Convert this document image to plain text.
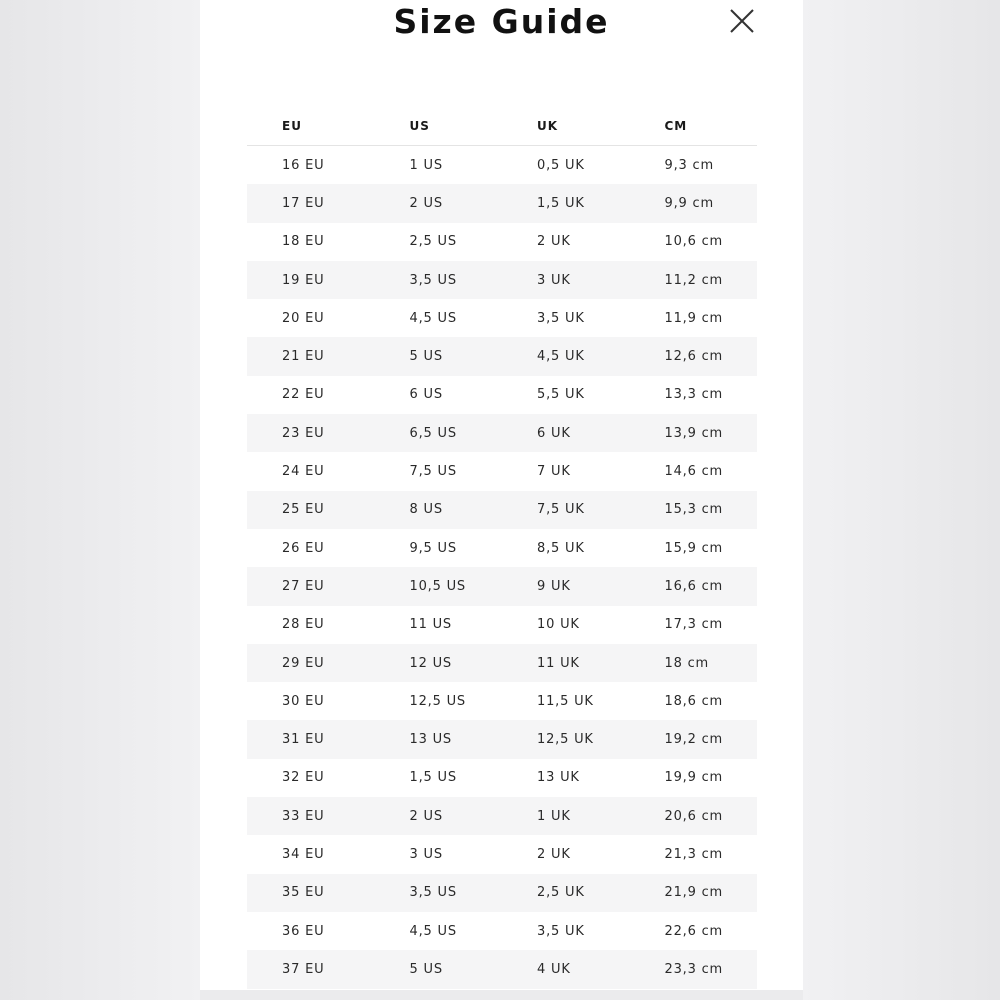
Size Guide
EU	US	UK	CM
16 EU	1 US	0,5 UK	9,3 cm
17 EU	2 US	1,5 UK	9,9 cm
18 EU	2,5 US	2 UK	10,6 cm
19 EU	3,5 US	3 UK	11,2 cm
20 EU	4,5 US	3,5 UK	11,9 cm
21 EU	5 US	4,5 UK	12,6 cm
22 EU	6 US	5,5 UK	13,3 cm
23 EU	6,5 US	6 UK	13,9 cm
24 EU	7,5 US	7 UK	14,6 cm
25 EU	8 US	7,5 UK	15,3 cm
26 EU	9,5 US	8,5 UK	15,9 cm
27 EU	10,5 US	9 UK	16,6 cm
28 EU	11 US	10 UK	17,3 cm
29 EU	12 US	11 UK	18 cm
30 EU	12,5 US	11,5 UK	18,6 cm
31 EU	13 US	12,5 UK	19,2 cm
32 EU	1,5 US	13 UK	19,9 cm
33 EU	2 US	1 UK	20,6 cm
34 EU	3 US	2 UK	21,3 cm
35 EU	3,5 US	2,5 UK	21,9 cm
36 EU	4,5 US	3,5 UK	22,6 cm
37 EU	5 US	4 UK	23,3 cm
